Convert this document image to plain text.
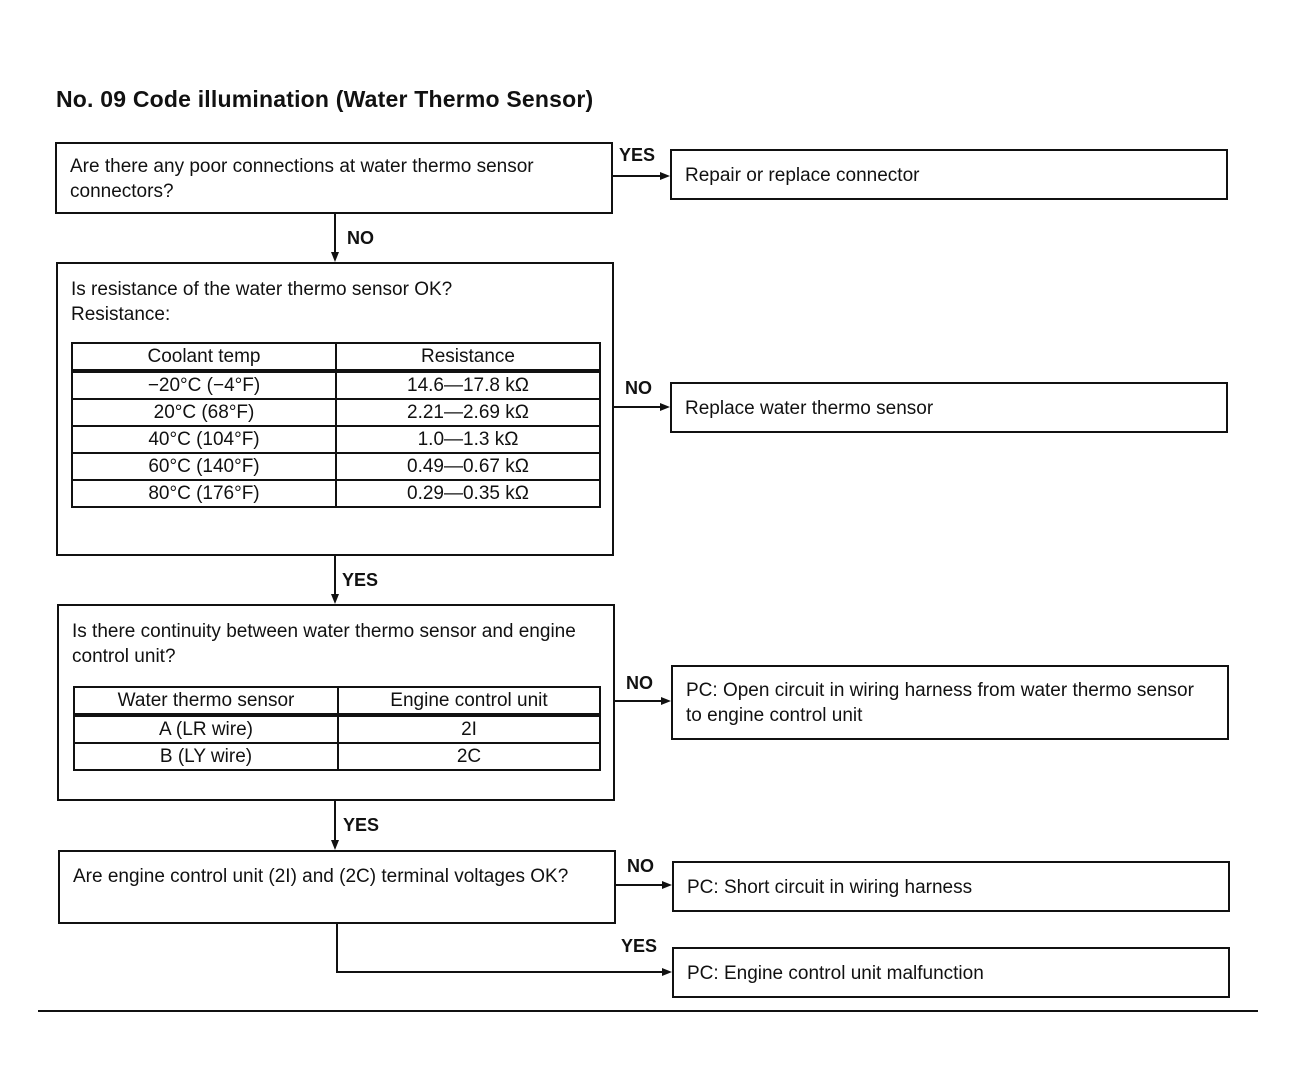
No. 09 Code illumination (Water Thermo Sensor)
Are there any poor connections at water thermo sensor connectors?
YES
Repair or replace connector
NO
Is resistance of the water thermo sensor OK?
Resistance:
Coolant temp	Resistance
−20°C (−4°F)	14.6—17.8 kΩ
20°C (68°F)	2.21—2.69 kΩ
40°C (104°F)	1.0—1.3 kΩ
60°C (140°F)	0.49—0.67 kΩ
80°C (176°F)	0.29—0.35 kΩ
NO
Replace water thermo sensor
YES
Is there continuity between water thermo sensor and engine control unit?
Water thermo sensor	Engine control unit
A (LR wire)	2I
B (LY wire)	2C
NO PC: Open circuit in wiring harness from water thermo sensor to engine control unit
YES
Are engine control unit (2I) and (2C) terminal voltages OK?	NO
PC: Short circuit in wiring harness
YES
PC: Engine control unit malfunction
